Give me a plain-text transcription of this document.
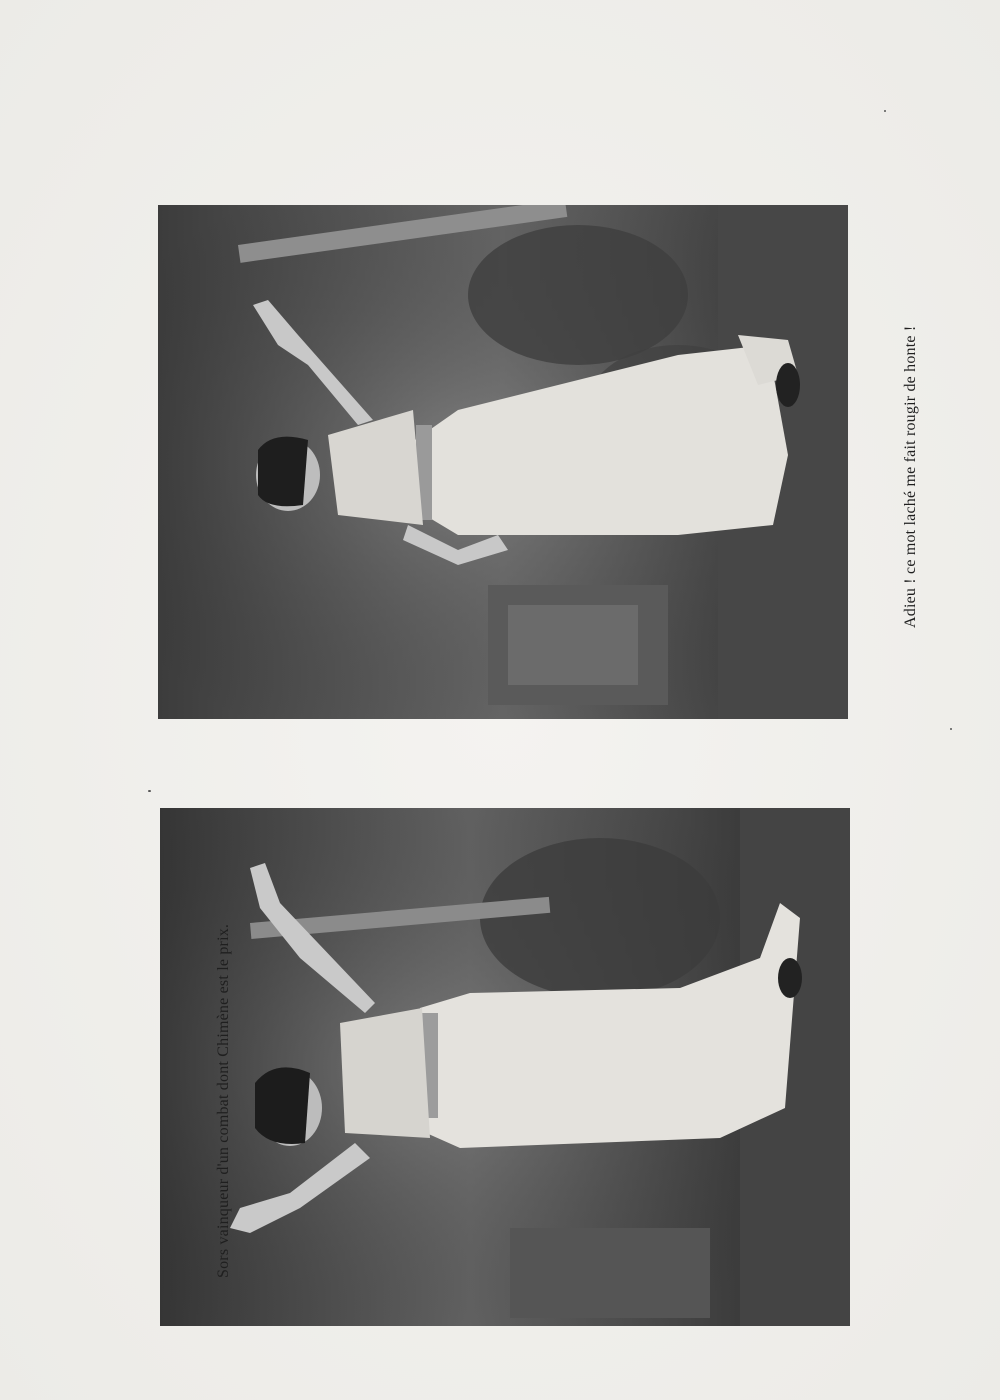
Adieu ! ce mot laché me fait rougir de honte !
Sors vainqueur d'un combat dont Chimène est le prix.
